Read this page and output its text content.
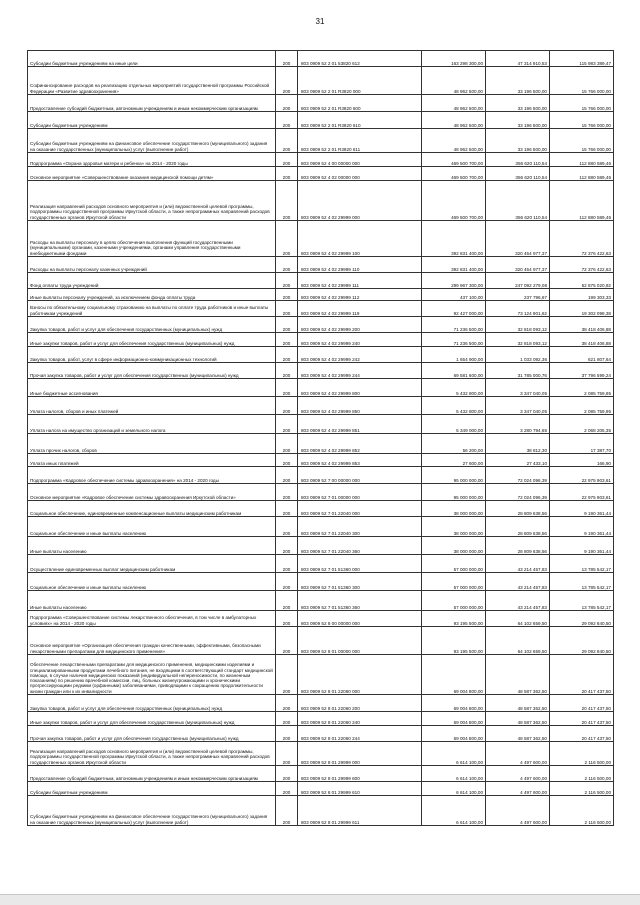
31
Субсидии бюджетным учреждениям на иные цели	200	803 0909 52 2 01 53820 612	163 298 300,00	47 314 910,53	115 983 389,47
Софинансирование расходов на реализацию отдельных мероприятий государственной программы Российской Федерации «Развитие здравоохранения»	200	803 0909 52 2 01 R3820 000	48 962 500,00	33 196 500,00	15 766 000,00
Предоставление субсидий бюджетным, автономным учреждениям и иным некоммерческим организациям	200	803 0909 52 2 01 R3820 600	48 962 500,00	33 196 500,00	15 766 000,00
Субсидии бюджетным учреждениям	200	803 0909 52 2 01 R3820 610	48 962 500,00	33 196 500,00	15 766 000,00
Субсидии бюджетным учреждениям на финансовое обеспечение государственного (муниципального) задания на оказание государственных (муниципальных) услуг (выполнение работ)	200	803 0909 52 2 01 R3820 611	48 962 500,00	33 196 500,00	15 766 000,00
Подпрограмма «Охрана здоровья матери и ребенка» на 2014 - 2020 годы	200	803 0909 52 4 00 00000 000	469 500 700,00	356 620 110,54	112 880 589,46
Основное мероприятие «Совершенствование оказания медицинской помощи детям»	200	803 0909 52 4 02 00000 000	469 500 700,00	356 620 110,54	112 880 589,46
Реализация направлений расходов основного мероприятия и (или) ведомственной целевой программы, подпрограммы государственной программы Иркутской области, а также непрограммных направлений расходов государственных органов Иркутской области	200	803 0909 52 4 02 29999 000	469 500 700,00	356 620 110,54	112 880 589,46
Расходы на выплаты персоналу в целях обеспечения выполнения функций государственными (муниципальными) органами, казенными учреждениями, органами управления государственными внебюджетными фондами	200	803 0909 52 4 02 29999 100	392 831 400,00	320 454 977,37	72 376 422,63
Расходы на выплаты персоналу казенных учреждений	200	803 0909 52 4 02 29999 110	392 831 400,00	320 454 977,37	72 376 422,63
Фонд оплаты труда учреждений	200	803 0909 52 4 02 29999 111	299 967 300,00	247 092 279,08	52 875 020,92
Иные выплаты персоналу учреждений, за исключением фонда оплаты труда	200	803 0909 52 4 02 29999 112	437 100,00	237 796,67	199 303,33
Взносы по обязательному социальному страхованию на выплаты по оплате труда работников и иные выплаты работникам учреждений	200	803 0909 52 4 02 29999 119	92 427 000,00	73 124 901,62	19 302 098,38
Закупка товаров, работ и услуг для обеспечения государственных (муниципальных) нужд	200	803 0909 52 4 02 29999 200	71 236 500,00	32 818 093,12	38 418 406,88
Иные закупки товаров, работ и услуг для обеспечения государственных (муниципальных) нужд	200	803 0909 52 4 02 29999 240	71 236 500,00	32 818 093,12	38 418 406,88
Закупка товаров, работ, услуг в сфере информационно-коммуникационных технологий	200	803 0909 52 4 02 29999 242	1 654 900,00	1 033 092,36	621 807,64
Прочая закупка товаров, работ и услуг для обеспечения государственных (муниципальных) нужд	200	803 0909 52 4 02 29999 244	69 581 600,00	31 785 000,76	37 796 599,24
Иные бюджетные ассигнования	200	803 0909 52 4 02 29999 800	5 432 800,00	3 347 040,05	2 085 759,95
Уплата налогов, сборов и иных платежей	200	803 0909 52 4 02 29999 850	5 432 800,00	3 347 040,05	2 085 759,95
Уплата налога на имущество организаций и земельного налога	200	803 0909 52 4 02 29999 851	5 349 000,00	3 280 794,65	2 068 205,35
Уплата прочих налогов, сборов	200	803 0909 52 4 02 29999 852	56 200,00	38 812,30	17 387,70
Уплата иных платежей	200	803 0909 52 4 02 29999 853	27 600,00	27 433,10	166,90
Подпрограмма «Кадровое обеспечение системы здравоохранения» на 2014 - 2020 годы	200	803 0909 52 7 00 00000 000	95 000 000,00	72 024 096,39	22 975 903,61
Основное мероприятие «Кадровое обеспечение системы здравоохранения Иркутской области»	200	803 0909 52 7 01 00000 000	95 000 000,00	72 024 096,39	22 975 903,61
Социальное обеспечение, единовременные компенсационные выплаты медицинским работникам	200	803 0909 52 7 01 22040 000	38 000 000,00	28 809 638,56	9 190 361,44
Социальное обеспечение и иные выплаты населению	200	803 0909 52 7 01 22040 300	38 000 000,00	28 809 638,56	9 190 361,44
Иные выплаты населению	200	803 0909 52 7 01 22040 360	38 000 000,00	28 809 638,56	9 190 361,44
Осуществление единовременных выплат медицинским работникам	200	803 0909 52 7 01 51360 000	57 000 000,00	43 214 457,83	13 785 542,17
Социальное обеспечение и иные выплаты населению	200	803 0909 52 7 01 51360 300	57 000 000,00	43 214 457,83	13 785 542,17
Иные выплаты населению	200	803 0909 52 7 01 51360 360	57 000 000,00	43 214 457,83	13 785 542,17
Подпрограмма «Совершенствование системы лекарственного обеспечения, в том числе в амбулаторных условиях» на 2014 - 2020 годы	200	803 0909 52 8 00 00000 000	93 195 500,00	64 102 659,50	29 092 840,50
Основное мероприятие «Организация обеспечения граждан качественными, эффективными, безопасными лекарственными препаратами для медицинского применения»	200	803 0909 52 8 01 00000 000	93 195 500,00	64 102 659,50	29 092 840,50
Обеспечение лекарственными препаратами для медицинского применения, медицинскими изделиями и специализированными продуктами лечебного питания, не входящими в соответствующий стандарт медицинской помощи, в случае наличия медицинских показаний (индивидуальной непереносимости, по жизненным показаниям) по решению врачебной комиссии, лиц, больных жизнеугрожающими и хроническими прогрессирующими редкими (орфанными) заболеваниями, приводящими к сокращению продолжительности жизни граждан или к их инвалидности	200	803 0909 52 8 01 22060 000	69 004 800,00	48 587 362,50	20 417 437,50
Закупка товаров, работ и услуг для обеспечения государственных (муниципальных) нужд	200	803 0909 52 8 01 22060 200	69 004 800,00	48 587 362,50	20 417 437,50
Иные закупки товаров, работ и услуг для обеспечения государственных (муниципальных) нужд	200	803 0909 52 8 01 22060 240	69 004 800,00	48 587 362,50	20 417 437,50
Прочая закупка товаров, работ и услуг для обеспечения государственных (муниципальных) нужд	200	803 0909 52 8 01 22060 244	69 004 800,00	48 587 362,50	20 417 437,50
Реализация направлений расходов основного мероприятия и (или) ведомственной целевой программы, подпрограммы государственной программы Иркутской области, а также непрограммных направлений расходов государственных органов Иркутской области	200	803 0909 52 8 01 29999 000	6 614 100,00	4 497 600,00	2 116 500,00
Предоставление субсидий бюджетным, автономным учреждениям и иным некоммерческим организациям	200	803 0909 52 8 01 29999 600	6 614 100,00	4 497 600,00	2 116 500,00
Субсидии бюджетным учреждениям	200	803 0909 52 8 01 29999 610	6 614 100,00	4 497 600,00	2 116 500,00
Субсидии бюджетным учреждениям на финансовое обеспечение государственного (муниципального) задания на оказание государственных (муниципальных) услуг (выполнение работ)	200	803 0909 52 8 01 29999 611	6 614 100,00	4 497 600,00	2 116 500,00
